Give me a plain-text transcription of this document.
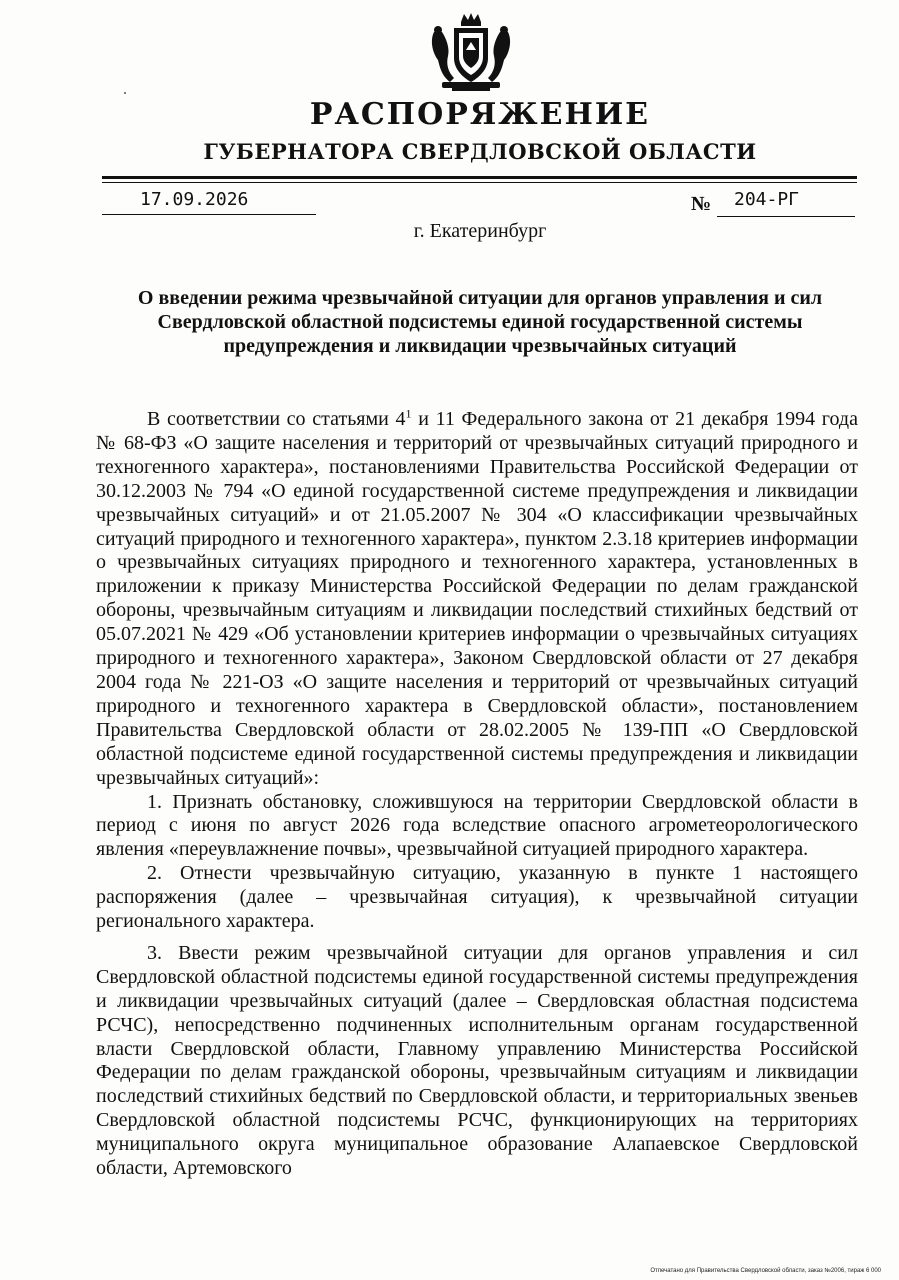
РАСПОРЯЖЕНИЕ
ГУБЕРНАТОРА СВЕРДЛОВСКОЙ ОБЛАСТИ
17.09.2026	№ 204-РГ
г. Екатеринбург
О введении режима чрезвычайной ситуации для органов управления и сил Свердловской областной подсистемы единой государственной системы предупреждения и ликвидации чрезвычайных ситуаций

В соответствии со статьями $4^1$ и 11 Федерального закона от 21 декабря 1994 года № 68-ФЗ «О защите населения и территорий от чрезвычайных ситуаций природного и техногенного характера», постановлениями Правительства Российской Федерации от 30.12.2003 № 794 «О единой государственной системе предупреждения и ликвидации чрезвычайных ситуаций» и от 21.05.2007 № 304 «О классификации чрезвычайных ситуаций природного и техногенного характера», пунктом 2.3.18 критериев информации о чрезвычайных ситуациях природного и техногенного характера, установленных в приложении к приказу Министерства Российской Федерации по делам гражданской обороны, чрезвычайным ситуациям и ликвидации последствий стихийных бедствий от 05.07.2021 № 429 «Об установлении критериев информации о чрезвычайных ситуациях природного и техногенного характера», Законом Свердловской области от 27 декабря 2004 года № 221-ОЗ «О защите населения и территорий от чрезвычайных ситуаций природного и техногенного характера в Свердловской области», постановлением Правительства Свердловской области от 28.02.2005 № 139-ПП «О Свердловской областной подсистеме единой государственной системы предупреждения и ликвидации чрезвычайных ситуаций»:

1. Признать обстановку, сложившуюся на территории Свердловской области в период с июня по август 2026 года вследствие опасного агрометеорологического явления «переувлажнение почвы», чрезвычайной ситуацией природного характера.

2. Отнести чрезвычайную ситуацию, указанную в пункте 1 настоящего распоряжения (далее – чрезвычайная ситуация), к чрезвычайной ситуации регионального характера.

3. Ввести режим чрезвычайной ситуации для органов управления и сил Свердловской областной подсистемы единой государственной системы предупреждения и ликвидации чрезвычайных ситуаций (далее – Свердловская областная подсистема РСЧС), непосредственно подчиненных исполнительным органам государственной власти Свердловской области, Главному управлению Министерства Российской Федерации по делам гражданской обороны, чрезвычайным ситуациям и ликвидации последствий стихийных бедствий по Свердловской области, и территориальных звеньев Свердловской областной подсистемы РСЧС, функционирующих на территориях муниципального округа муниципальное образование Алапаевское Свердловской области, Артемовского

Отпечатано для Правительства Свердловской области, заказ №2006, тираж 6 000
